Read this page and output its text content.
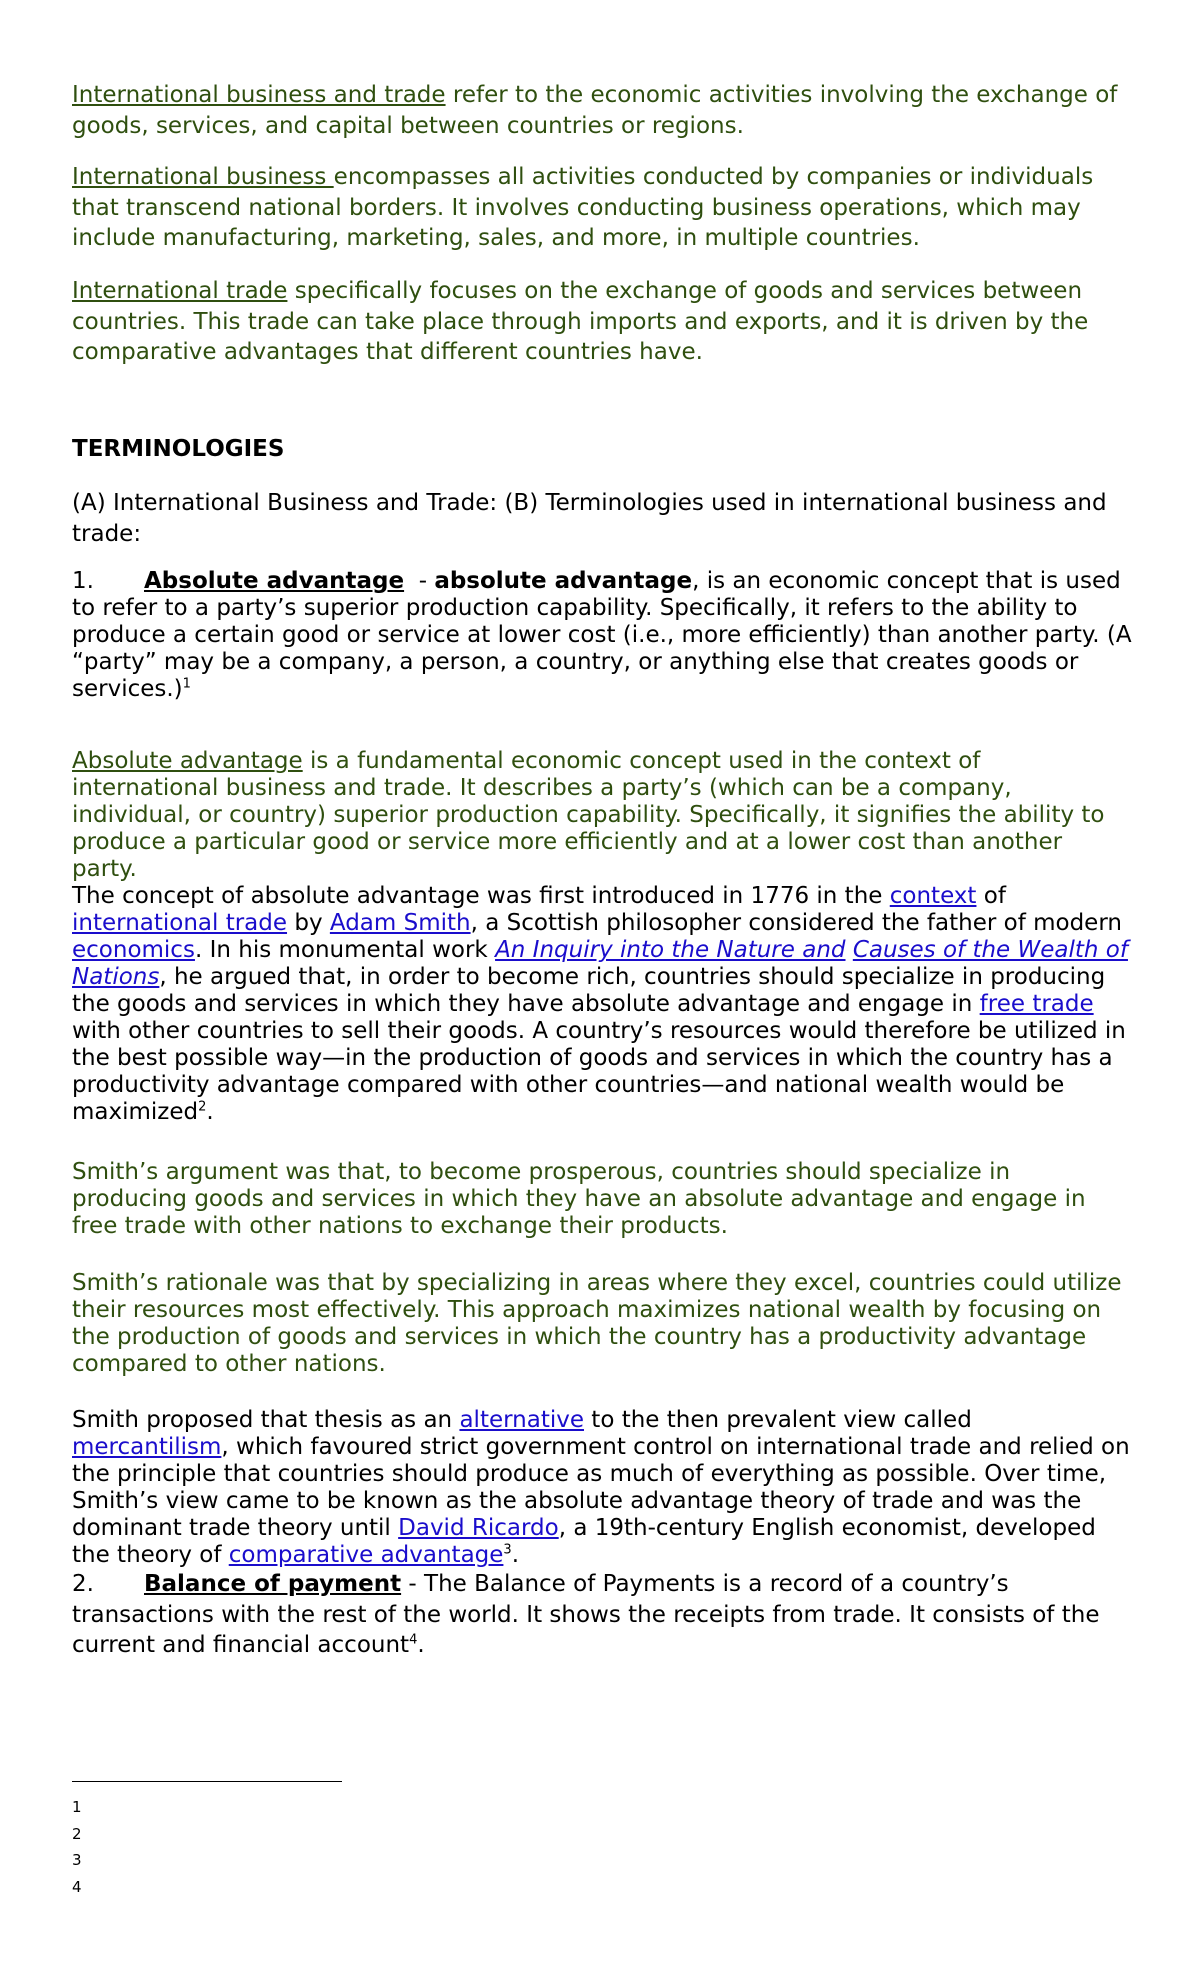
International business and trade refer to the economic activities involving the exchange of goods, services, and capital between countries or regions.

International business encompasses all activities conducted by companies or individuals that transcend national borders. It involves conducting business operations, which may include manufacturing, marketing, sales, and more, in multiple countries.

International trade specifically focuses on the exchange of goods and services between countries. This trade can take place through imports and exports, and it is driven by the comparative advantages that different countries have.

TERMINOLOGIES
(A) International Business and Trade: (B) Terminologies used in international business and trade:
1. Absolute advantage  - absolute advantage, is an economic concept that is used to refer to a party’s superior production capability. Specifically, it refers to the ability to produce a certain good or service at lower cost (i.e., more efficiently) than another party. (A “party” may be a company, a person, a country, or anything else that creates goods or services.)$^1$
Absolute advantage is a fundamental economic concept used in the context of international business and trade. It describes a party’s (which can be a company, individual, or country) superior production capability. Specifically, it signifies the ability to produce a particular good or service more efficiently and at a lower cost than another party.
The concept of absolute advantage was first introduced in 1776 in the context of international trade by Adam Smith, a Scottish philosopher considered the father of modern economics. In his monumental work An Inquiry into the Nature and Causes of the Wealth of Nations, he argued that, in order to become rich, countries should specialize in producing the goods and services in which they have absolute advantage and engage in free trade with other countries to sell their goods. A country’s resources would therefore be utilized in the best possible way—in the production of goods and services in which the country has a productivity advantage compared with other countries—and national wealth would be maximized$^2$.
Smith’s argument was that, to become prosperous, countries should specialize in producing goods and services in which they have an absolute advantage and engage in free trade with other nations to exchange their products.
Smith’s rationale was that by specializing in areas where they excel, countries could utilize their resources most effectively. This approach maximizes national wealth by focusing on the production of goods and services in which the country has a productivity advantage compared to other nations.
Smith proposed that thesis as an alternative to the then prevalent view called mercantilism, which favoured strict government control on international trade and relied on the principle that countries should produce as much of everything as possible. Over time, Smith’s view came to be known as the absolute advantage theory of trade and was the dominant trade theory until David Ricardo, a 19th-century English economist, developed the theory of comparative advantage$^3$.
2. Balance of payment - The Balance of Payments is a record of a country’s transactions with the rest of the world. It shows the receipts from trade. It consists of the current and financial account$^4$.
1
2
3
4
